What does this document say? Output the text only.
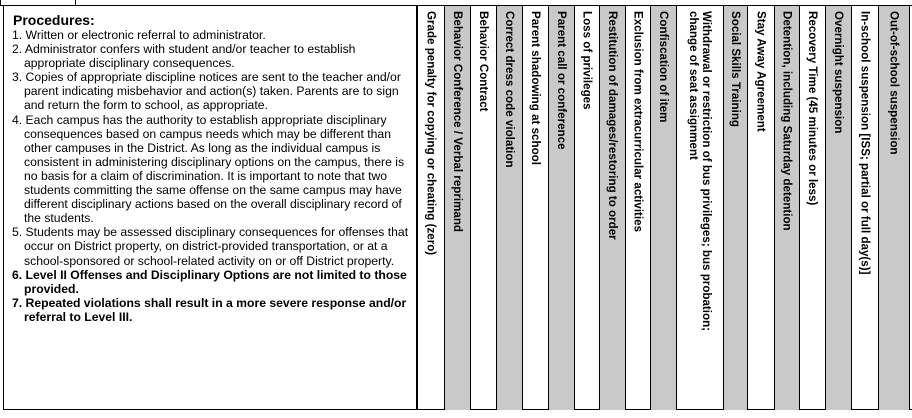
Procedures:
1. Written or electronic referral to administrator.
2. Administrator confers with student and/or teacher to establish appropriate disciplinary consequences.
3. Copies of appropriate discipline notices are sent to the teacher and/or parent indicating misbehavior and action(s) taken. Parents are to sign and return the form to school, as appropriate.
4. Each campus has the authority to establish appropriate disciplinary consequences based on campus needs which may be different than other campuses in the District. As long as the individual campus is consistent in administering disciplinary options on the campus, there is no basis for a claim of discrimination. It is important to note that two students committing the same offense on the same campus may have different disciplinary actions based on the overall disciplinary record of the students.
5. Students may be assessed disciplinary consequences for offenses that occur on District property, on district-provided transportation, or at a school-sponsored or school-related activity on or off District property.
6. Level II Offenses and Disciplinary Options are not limited to those provided.
7. Repeated violations shall result in a more severe response and/or referral to Level III.
Grade penalty for copying or cheating (zero) Behavior Conference / Verbal reprimand Behavior Contract Correct dress code violation Parent shadowing at school Parent call or conference Loss of privileges Restitution of damages/restoring to order Exclusion from extracurricular activities Confiscation of item	Withdrawal or restriction of bus privileges; bus probation; change of seat assignment	Social Skills Training Stay Away Agreement Detention, including Saturday detention Recovery Time (45 minutes or less) Overnight suspension In-school suspension [ISS; partial or full day(s)] Out-of-school suspension
